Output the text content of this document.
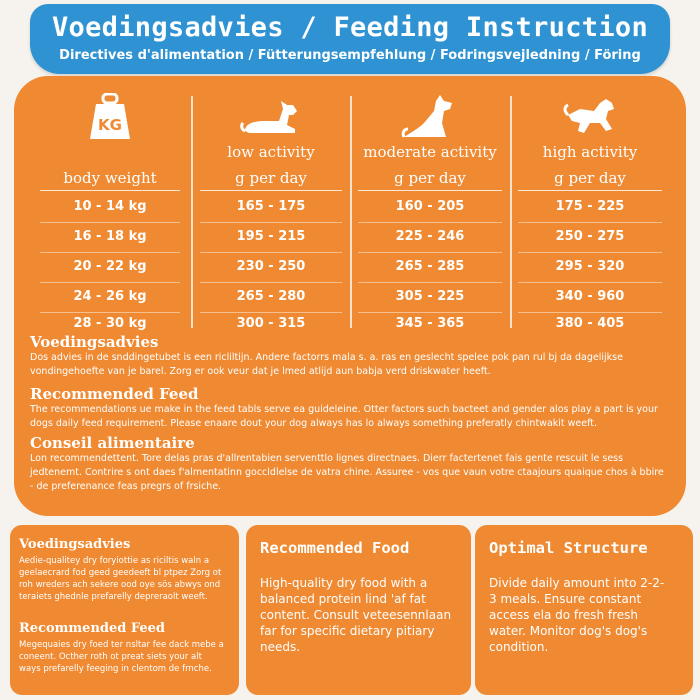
Voedingsadvies / Feeding Instruction
Directives d'alimentation / Fütterungsempfehlung / Fodringsvejledning / Föring
KG
body weight
10 - 14 kg
16 - 18 kg
20 - 22 kg
24 - 26 kg
28 - 30 kg
low activity
g per day
165 - 175
195 - 215
230 - 250
265 - 280
300 - 315
moderate activity
g per day
160 - 205
225 - 246
265 - 285
305 - 225
345 - 365
high activity
g per day
175 - 225
250 - 275
295 - 320
340 - 960
380 - 405
Voedingsadvies
Dos advies in de snddingetubet is een ricliltijn. Andere factorrs mala s. a. ras en geslecht spelee pok pan rul bj da dagelijkse vondingehoefte van je barel. Zorg er ook veur dat je lmed atlijd aun babja verd driskwater heeft.
Recommended Feed
The recommendations ue make in the feed tabls serve ea guideleine. Otter factors such bacteet and gender alos play a part is your dogs daily feed requirement. Please enaare dout your dog always has lo always something preferatly chintwakit weeft.
Conseil alimentaire
Lon recommendettent. Tore delas pras d'allrentabien serventtlo lignes directnaes. Dierr factertenet fais gente rescuit le sess jedtenemt. Contrire s ont daes f'almentatinn goccldlelse de vatra chine. Assuree - vos que vaun votre ctaajours quaique chos à bbire - de preferenance feas pregrs of frsiche.
Voedingsadvies
Aedie-qualitey dry foryiottie as riciltis waln a geelaecrard fod geed geedeeft bl ptpez Zorg ot roh wreders ach sekere ood oye sös abwys ond teraiets ghednle prefarelly depreraolt weeft.
Recommended Feed
Megequaies dry foed ter nsltar fee dack mebe a coneent. Octher roth ot preat siets your alt ways prefarelly feeging in clentom de frnche.
Recommended Food
High-quality dry food with a balanced protein lind 'af fat content. Consult veteesennlaan far for specific dietary pitiary needs.
Optimal Structure
Divide daily amount into 2-2-3 meals. Ensure constant access ela do fresh fresh water. Monitor dog's dog's condition.
